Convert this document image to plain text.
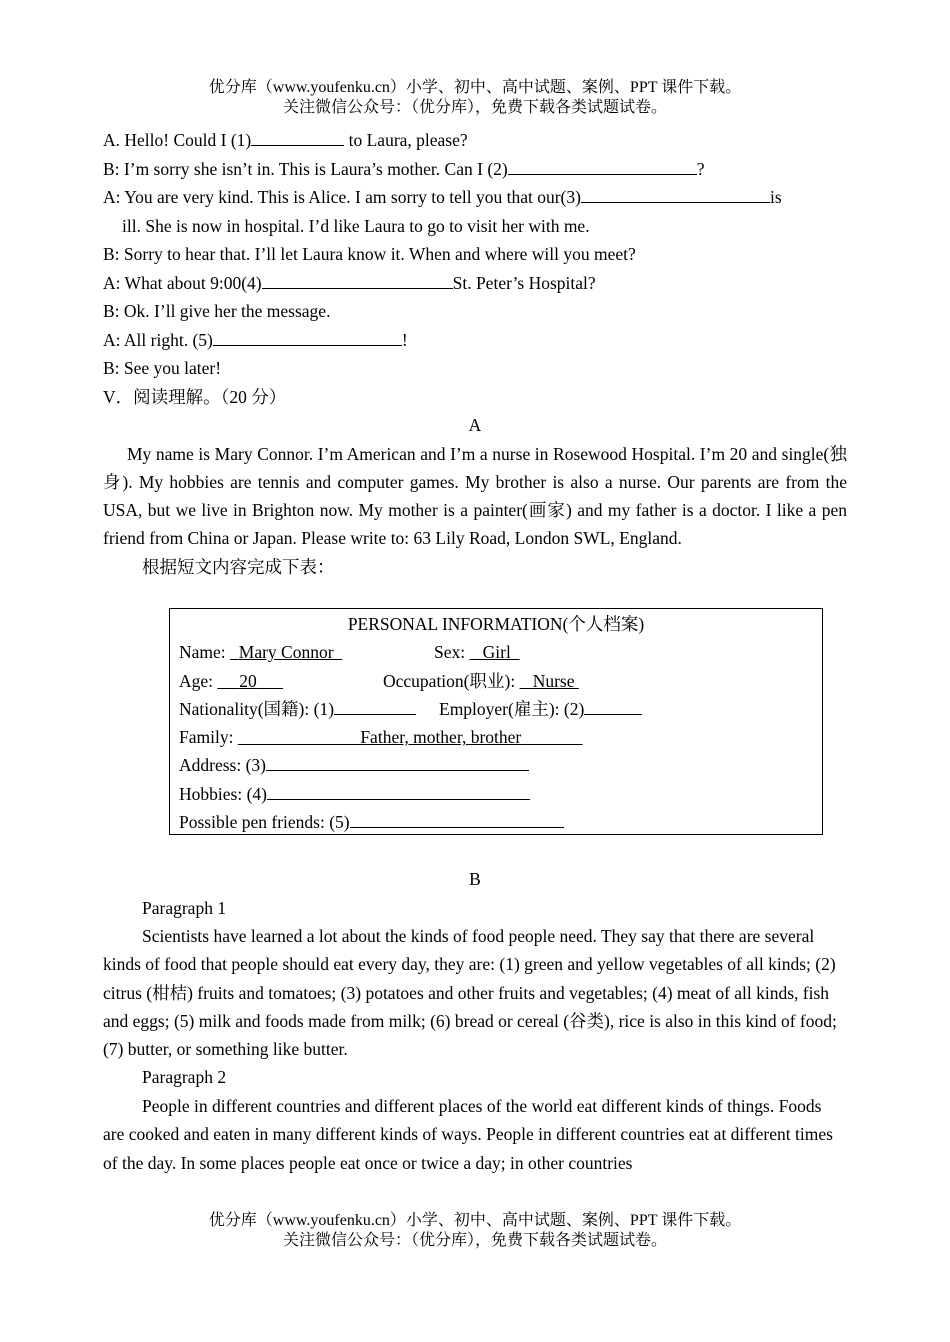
优分库（www.youfenku.cn）小学、初中、高中试题、案例、PPT 课件下载。
关注微信公众号：（优分库），免费下载各类试题试卷。
A. Hello! Could I (1)	to Laura, please?
B: I’m sorry she isn’t in. This is Laura’s mother. Can I (2)	?
A: You are very kind. This is Alice. I am sorry to tell you that our(3)	is
ill. She is now in hospital. I’d like Laura to go to visit her with me.
B: Sorry to hear that. I’ll let Laura know it. When and where will you meet?
A: What about 9:00(4)	St. Peter’s Hospital?
B: Ok. I’ll give her the message.
A: All right. (5)	!
B: See you later!
V．阅读理解。（20 分）
A
My name is Mary Connor. I’m American and I’m a nurse in Rosewood Hospital. I’m 20 and single(独身). My hobbies are tennis and computer games. My brother is also a nurse. Our parents are from the USA, but we live in Brighton now. My mother is a painter(画家) and my father is a doctor. I like a pen friend from China or Japan. Please write to: 63 Lily Road, London SWL, England.
根据短文内容完成下表：
PERSONAL INFORMATION(个人档案)
Name:   Mary Connor	Sex:    Girl
Age:      20	Occupation(职业):    Nurse
Nationality(国籍): (1)	Employer(雇主): (2)
Family:	Father, mother, brother
Address: (3)
Hobbies: (4)
Possible pen friends: (5)
B
Paragraph 1
Scientists have learned a lot about the kinds of food people need. They say that there are several kinds of food that people should eat every day, they are: (1) green and yellow vegetables of all kinds; (2) citrus (柑桔) fruits and tomatoes; (3) potatoes and other fruits and vegetables; (4) meat of all kinds, fish and eggs; (5) milk and foods made from milk; (6) bread or cereal (谷类), rice is also in this kind of food; (7) butter, or something like butter.
Paragraph 2
People in different countries and different places of the world eat different kinds of things. Foods are cooked and eaten in many different kinds of ways. People in different countries eat at different times of the day. In some places people eat once or twice a day; in other countries
优分库（www.youfenku.cn）小学、初中、高中试题、案例、PPT 课件下载。
关注微信公众号：（优分库），免费下载各类试题试卷。
